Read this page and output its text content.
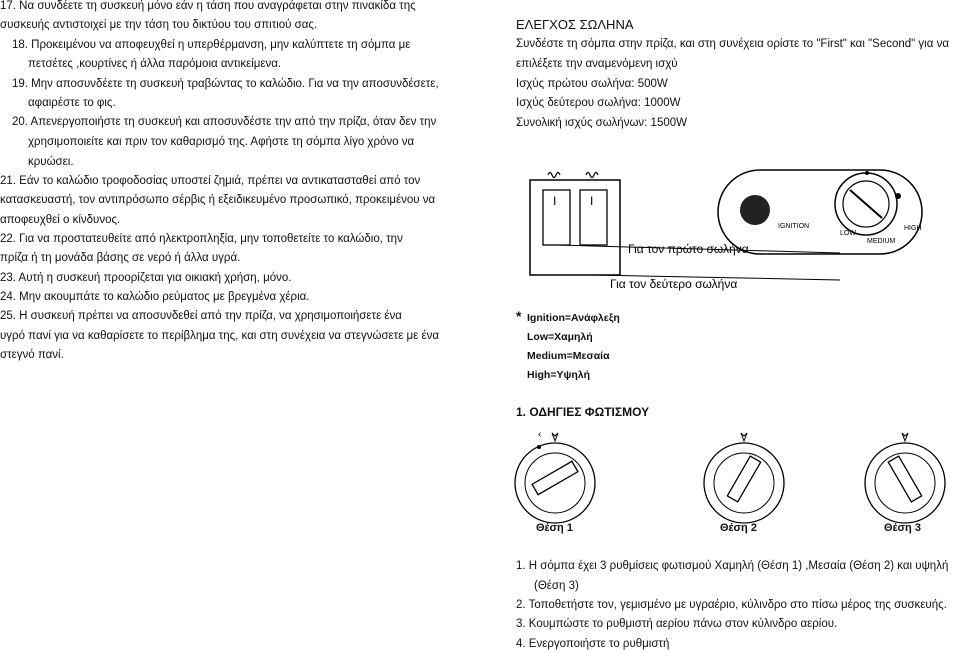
17. Να συνδέετε τη συσκευή μόνο εάν η τάση που αναγράφεται στην πινακίδα της

συσκευής αντιστοιχεί με την τάση του δικτύου του σπιτιού σας.

18. Προκειμένου να αποφευχθεί η υπερθέρμανση, μην καλύπτετε τη σόμπα με

πετσέτες ,κουρτίνες ή άλλα παρόμοια αντικείμενα.

19. Μην αποσυνδέετε τη συσκευή τραβώντας το καλώδιο. Για να την αποσυνδέσετε,

αφαιρέστε το φις.

20. Απενεργοποιήστε τη συσκευή και αποσυνδέστε την από την πρίζα, όταν δεν την

χρησιμοποιείτε και πριν τον καθαρισμό της. Αφήστε τη σόμπα λίγο χρόνο να

κρυώσει.

21. Εάν το καλώδιο τροφοδοσίας υποστεί ζημιά, πρέπει να αντικατασταθεί από τον

κατασκευαστή, τον αντιπρόσωπο σέρβις ή εξειδικευμένο προσωπικό, προκειμένου να

αποφευχθεί ο κίνδυνος.

22. Για να προστατευθείτε από ηλεκτροπληξία, μην τοποθετείτε το καλώδιο, την

πρίζα ή τη μονάδα βάσης σε νερό ή άλλα υγρά.

23. Αυτή η συσκευή προορίζεται για οικιακή χρήση, μόνο.

24. Μην ακουμπάτε το καλώδιο ρεύματος με βρεγμένα χέρια.

25. Η συσκευή πρέπει να αποσυνδεθεί από την πρίζα, να χρησιμοποιήσετε ένα

υγρό πανί για να καθαρίσετε το περίβλημα της, και στη συνέχεια να στεγνώσετε με ένα

στεγνό πανί.

ΕΛΕΓΧΟΣ ΣΩΛΗΝΑ
Συνδέστε τη σόμπα στην πρίζα, και στη συνέχεια ορίστε το "First" και "Second" για να
επιλέξετε την αναμενόμενη ισχύ
Ισχύς πρώτου σωλήνα: 500W
Ισχύς δεύτερου σωλήνα: 1000W
Συνολική ισχύς σωλήνων: 1500W
I	I
IGNITION
LOW
MEDIUM
HIGH
Για τον πρώτο σωλήνα
Για τον δεύτερο σωλήνα
* Ignition=Ανάφλεξη
Low=Χαμηλή
Medium=Μεσαία
High=Υψηλή
1. ΟΔΗΓΙΕΣ ΦΩΤΙΣΜΟΥ
‹
Θέση 1	Θέση 2	Θέση 3
1. Η σόμπα έχει 3 ρυθμίσεις φωτισμού Χαμηλή (Θέση 1) ,Μεσαία (Θέση 2) και υψηλή
(Θέση 3)
2. Τοποθετήστε τον, γεμισμένο με υγραέριο, κύλινδρο στο πίσω μέρος της συσκευής.
3. Κουμπώστε το ρυθμιστή αερίου πάνω στον κύλινδρο αερίου.
4. Ενεργοποιήστε το ρυθμιστή
